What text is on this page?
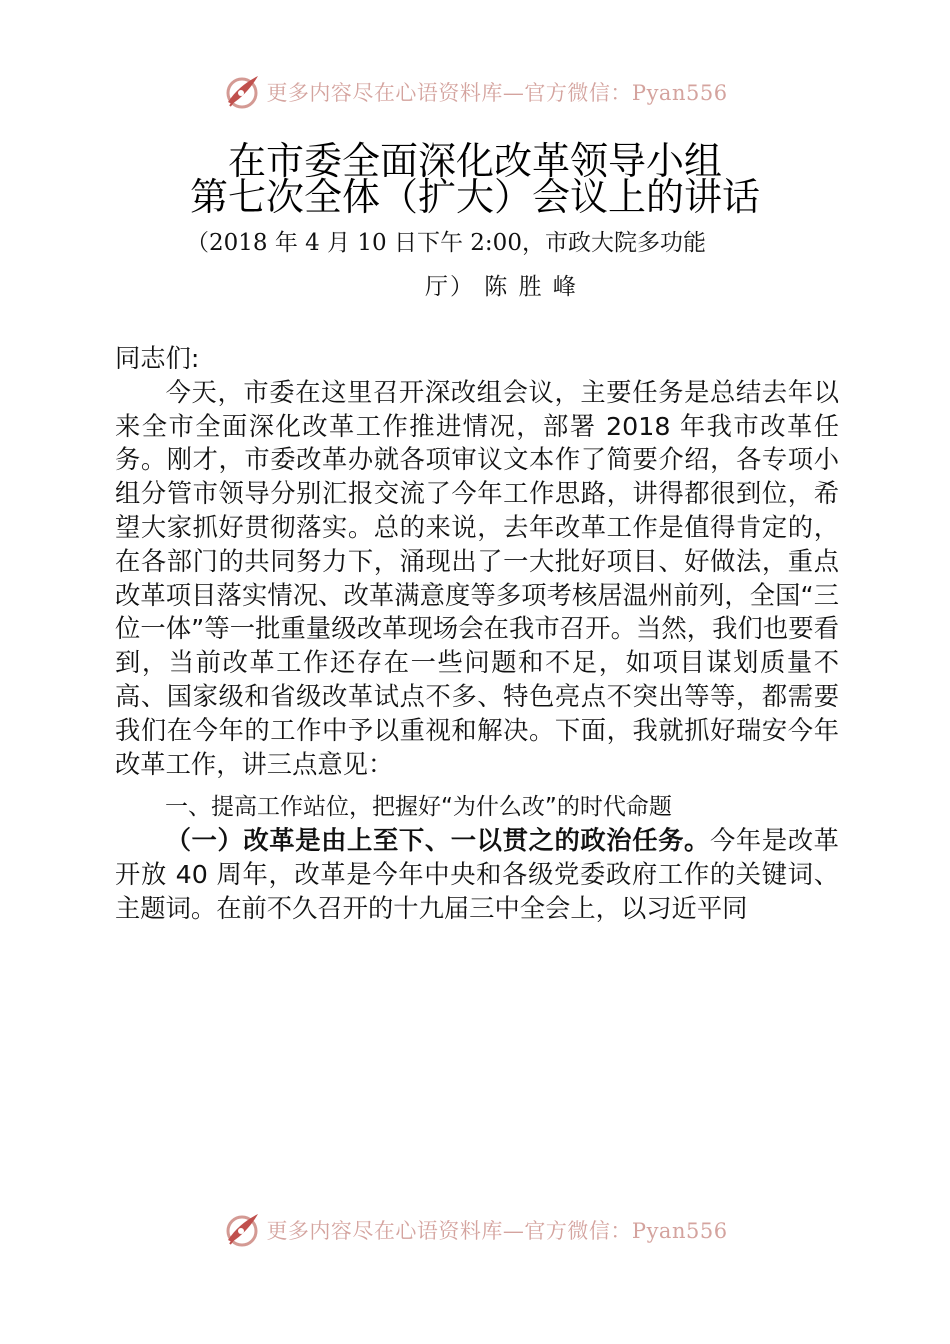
更多内容尽在心语资料库—官方微信：Pyan556
在市委全面深化改革领导小组
第七次全体（扩大）会议上的讲话
（2018 年 4 月 10 日下午 2:00，市政大院多功能
厅） 陈 胜 峰

同志们:

今天，市委在这里召开深改组会议，主要任务是总结去年以来全市全面深化改革工作推进情况，部署 2018 年我市改革任务。刚才，市委改革办就各项审议文本作了简要介绍，各专项小组分管市领导分别汇报交流了今年工作思路，讲得都很到位，希望大家抓好贯彻落实。总的来说，去年改革工作是值得肯定的，在各部门的共同努力下，涌现出了一大批好项目、好做法，重点改革项目落实情况、改革满意度等多项考核居温州前列，全国“三位一体”等一批重量级改革现场会在我市召开。当然，我们也要看到，当前改革工作还存在一些问题和不足，如项目谋划质量不高、国家级和省级改革试点不多、特色亮点不突出等等，都需要我们在今年的工作中予以重视和解决。下面，我就抓好瑞安今年改革工作，讲三点意见：

一、提高工作站位，把握好“为什么改”的时代命题

（一）改革是由上至下、一以贯之的政治任务。今年是改革开放 40 周年，改革是今年中央和各级党委政府工作的关键词、主题词。在前不久召开的十九届三中全会上，以习近平同

更多内容尽在心语资料库—官方微信：Pyan556
